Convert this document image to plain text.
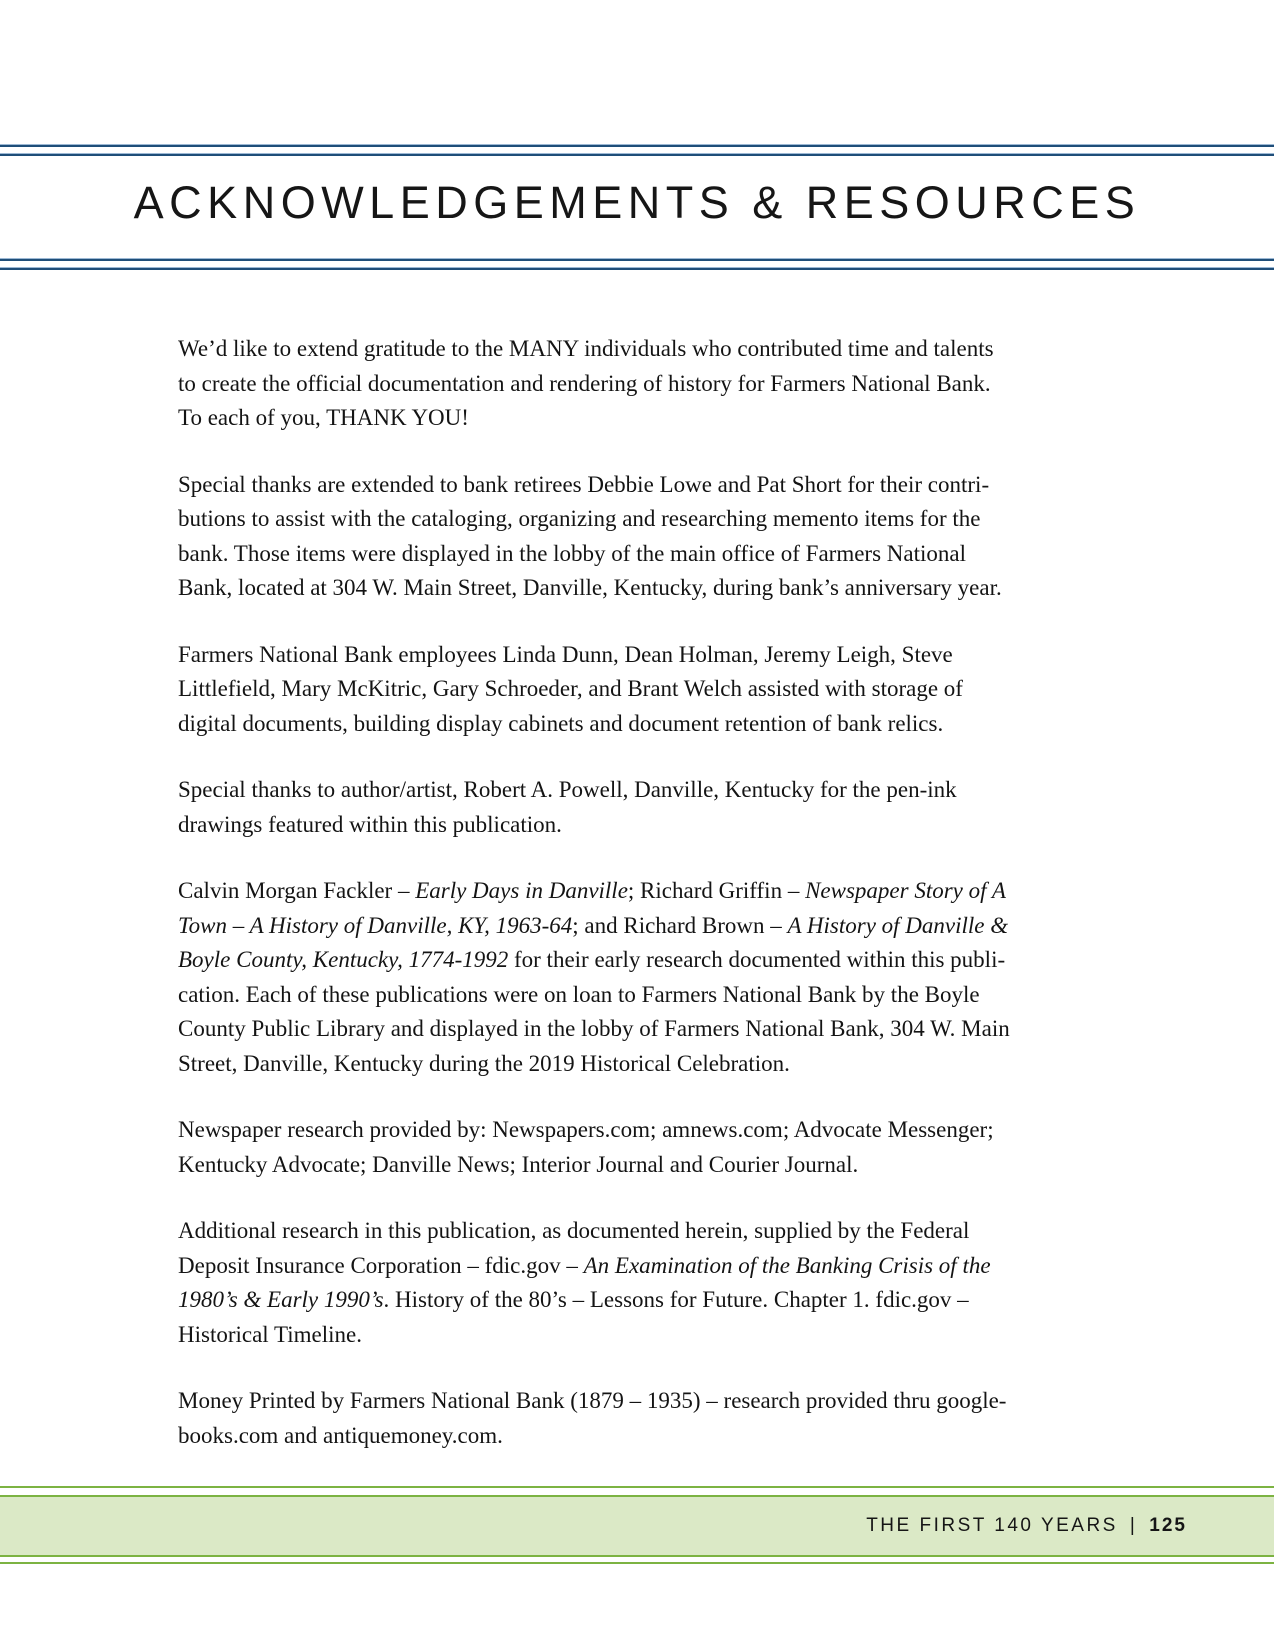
ACKNOWLEDGEMENTS & RESOURCES

We’d like to extend gratitude to the MANY individuals who contributed time and talents
to create the official documentation and rendering of history for Farmers National Bank.
To each of you, THANK YOU!

Special thanks are extended to bank retirees Debbie Lowe and Pat Short for their contri-
butions to assist with the cataloging, organizing and researching memento items for the
bank. Those items were displayed in the lobby of the main office of Farmers National
Bank, located at 304 W. Main Street, Danville, Kentucky, during bank’s anniversary year.

Farmers National Bank employees Linda Dunn, Dean Holman, Jeremy Leigh, Steve
Littlefield, Mary McKitric, Gary Schroeder, and Brant Welch assisted with storage of
digital documents, building display cabinets and document retention of bank relics.

Special thanks to author/artist, Robert A. Powell, Danville, Kentucky for the pen-ink
drawings featured within this publication.

Calvin Morgan Fackler – Early Days in Danville; Richard Griffin – Newspaper Story of A
Town – A History of Danville, KY, 1963-64; and Richard Brown – A History of Danville &
Boyle County, Kentucky, 1774-1992 for their early research documented within this publi-
cation. Each of these publications were on loan to Farmers National Bank by the Boyle
County Public Library and displayed in the lobby of Farmers National Bank, 304 W. Main
Street, Danville, Kentucky during the 2019 Historical Celebration.

Newspaper research provided by: Newspapers.com; amnews.com; Advocate Messenger;
Kentucky Advocate; Danville News; Interior Journal and Courier Journal.

Additional research in this publication, as documented herein, supplied by the Federal
Deposit Insurance Corporation – fdic.gov – An Examination of the Banking Crisis of the
1980’s & Early 1990’s. History of the 80’s – Lessons for Future. Chapter 1. fdic.gov –
Historical Timeline.

Money Printed by Farmers National Bank (1879 – 1935) – research provided thru google-
books.com and antiquemoney.com.

THE FIRST 140 YEARS | 125
